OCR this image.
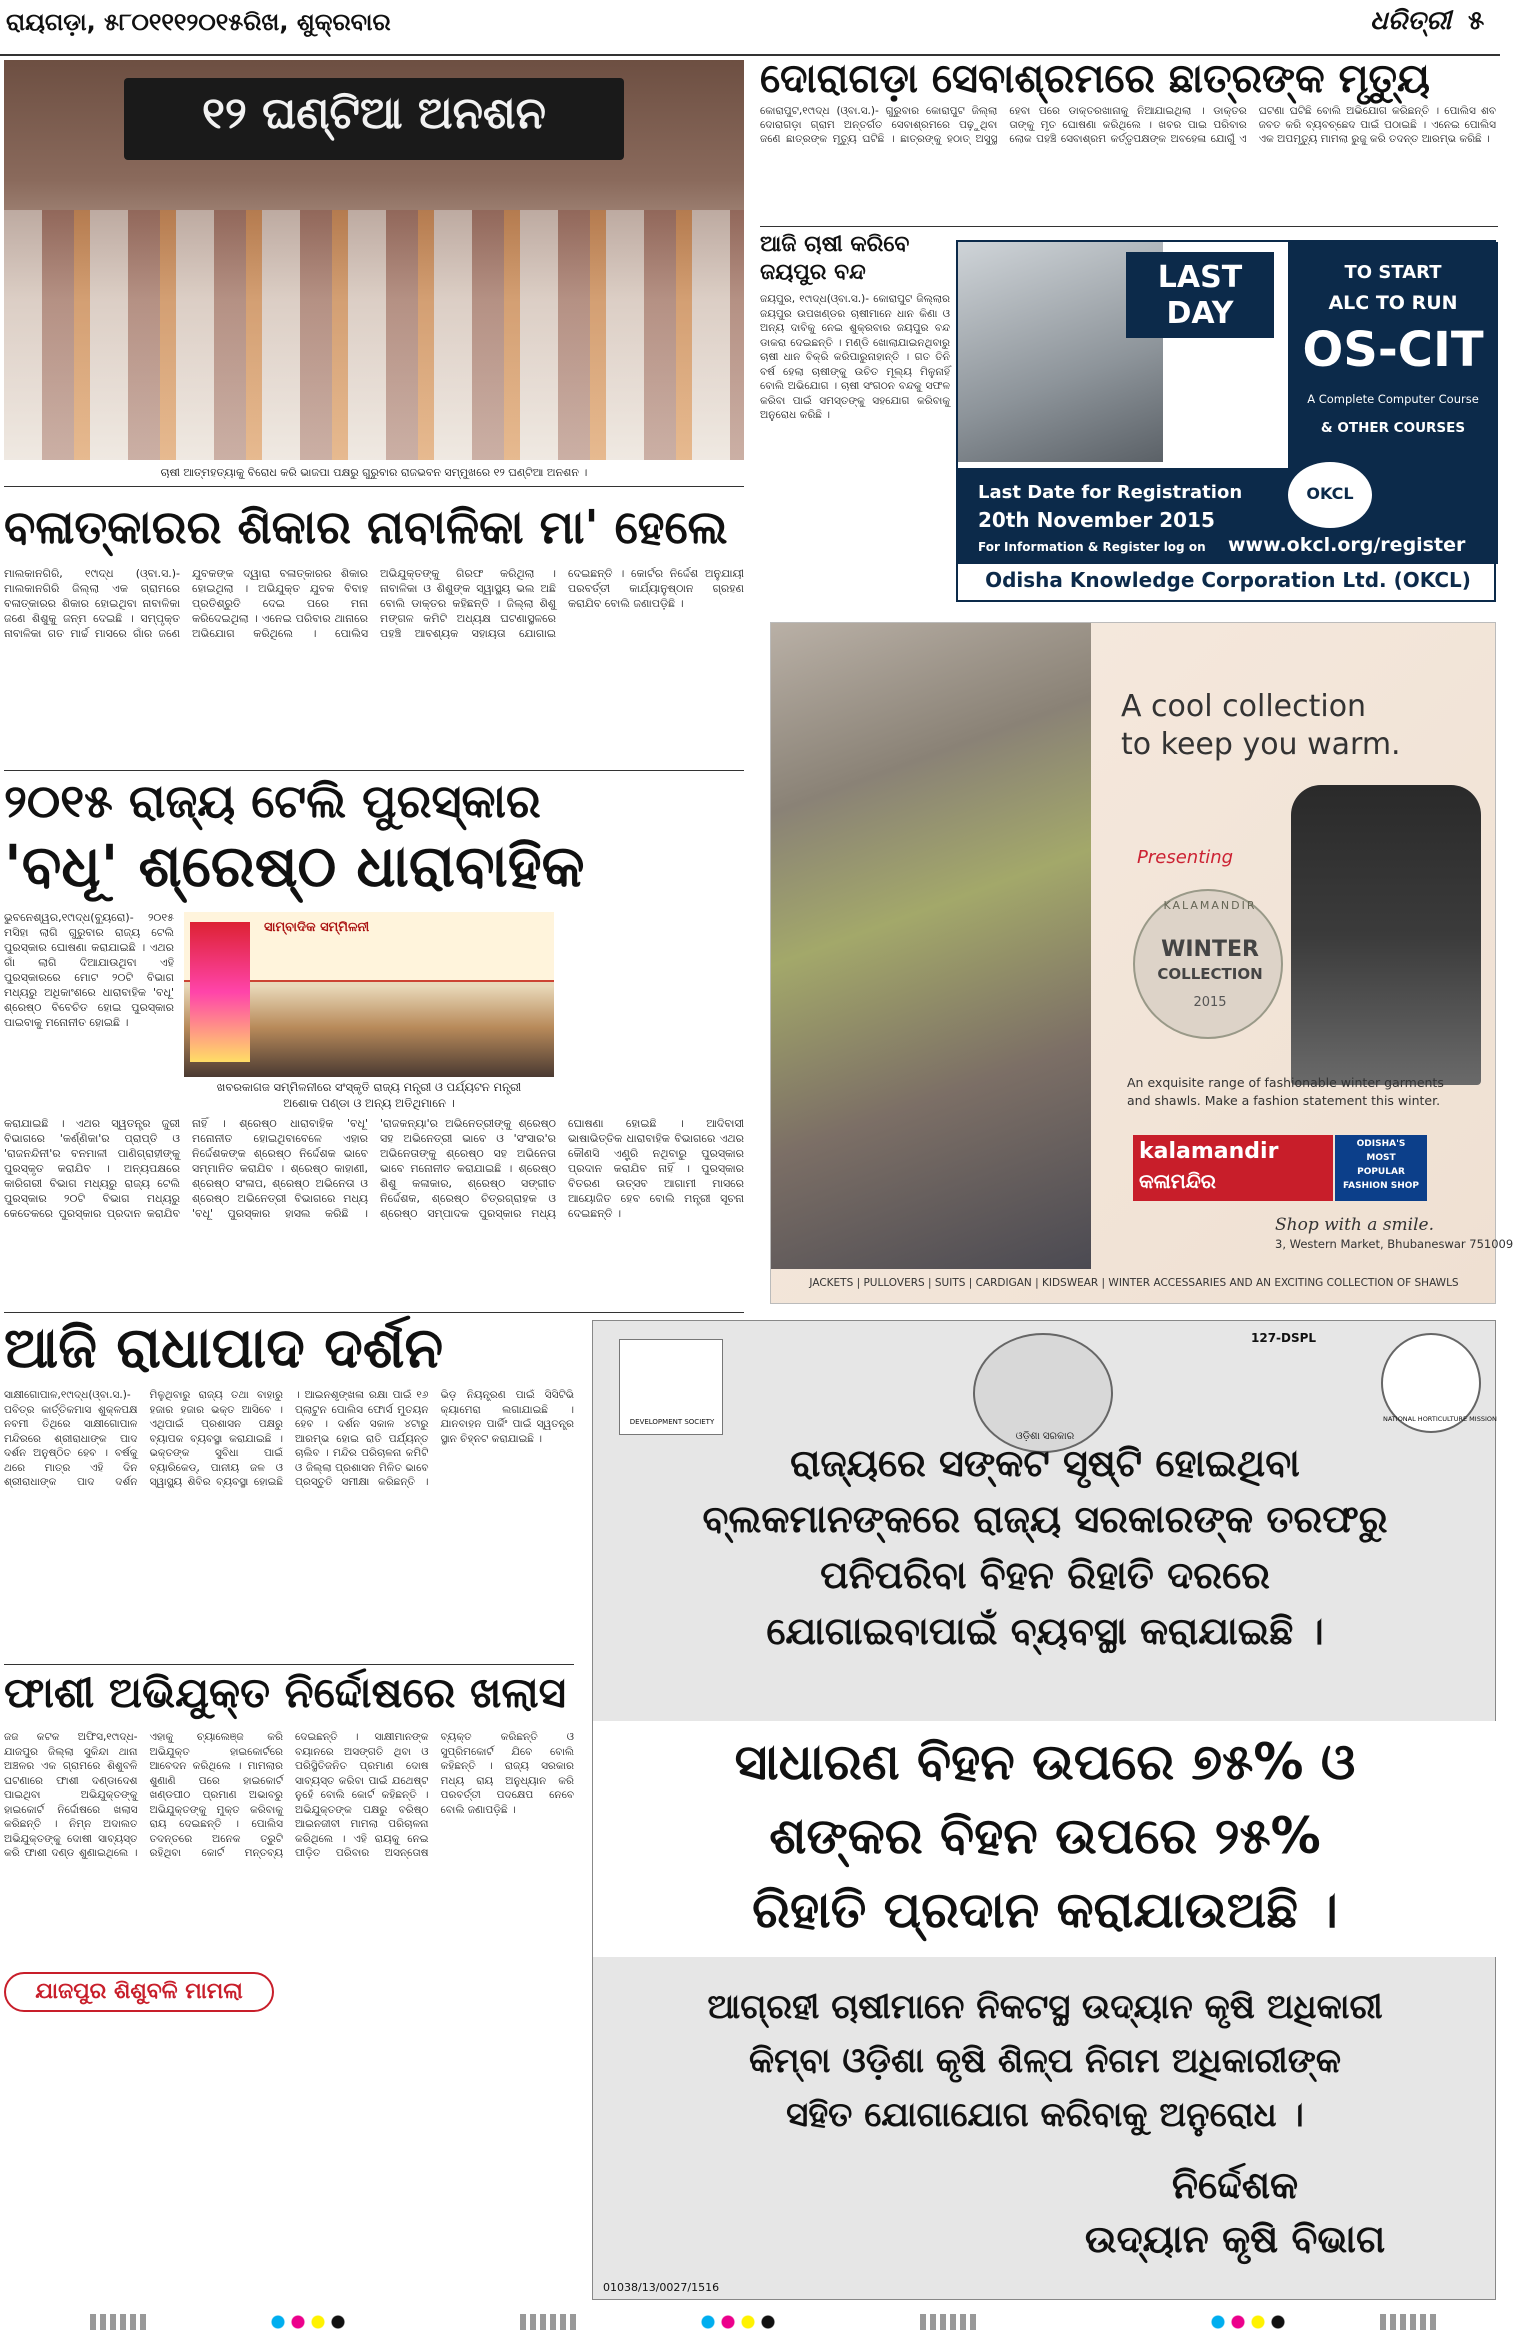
ରାୟଗଡ଼ା, ୫୮୦୧୧୧୨୦୧୫ରିଖ, ଶୁକ୍ରବାର	ଧରିତ୍ରୀ ୫
୧୨ ଘଣ୍ଟିଆ ଅନଶନ
ଚାଷୀ ଆତ୍ମହତ୍ୟାକୁ ବିରୋଧ କରି ଭାଜପା ପକ୍ଷରୁ ଗୁରୁବାର ରାଜଭବନ ସମ୍ମୁଖରେ ୧୨ ଘଣ୍ଟିଆ ଅନଶନ ।
ଦୋରାଗଡ଼ା ସେବାଶ୍ରମରେ ଛାତ୍ରଙ୍କ ମୃତ୍ୟୁ
କୋରାପୁଟ,୧୯ାଦ୍ଧ (ଓ୍ବା.ସ.)- ଗୁରୁବାର କୋରାପୁଟ ଜିଲ୍ଲା ଦୋରାଗଡ଼ା ଗ୍ରାମ ଅନ୍ତର୍ଗତ ସେବାଶ୍ରମରେ ପଢ଼ୁଥିବା ଜଣେ ଛାତ୍ରଙ୍କ ମୃତ୍ୟୁ ଘଟିଛି । ଛାତ୍ରଙ୍କୁ ହଠାତ୍ ଅସୁସ୍ଥ ହେବା ପରେ ଡାକ୍ତରଖାନାକୁ ନିଆଯାଇଥିଲା । ଡାକ୍ତର ତାଙ୍କୁ ମୃତ ଘୋଷଣା କରିଥିଲେ । ଖବର ପାଇ ପରିବାର ଲୋକ ପହଞ୍ଚି ସେବାଶ୍ରମ କର୍ତ୍ତୃପକ୍ଷଙ୍କ ଅବହେଳା ଯୋଗୁଁ ଏ ଘଟଣା ଘଟିଛି ବୋଲି ଅଭିଯୋଗ କରିଛନ୍ତି । ପୋଲିସ ଶବ ଜବତ କରି ବ୍ୟବଚ୍ଛେଦ ପାଇଁ ପଠାଇଛି । ଏନେଇ ପୋଲିସ ଏକ ଅପମୃତ୍ୟୁ ମାମଲା ରୁଜୁ କରି ତଦନ୍ତ ଆରମ୍ଭ କରିଛି ।
ଆଜି ଚାଷୀ କରିବେ
ଜୟପୁର ବନ୍ଦ
ଜୟପୁର, ୧୯ାଦ୍ଧ(ଓ୍ବା.ସ.)- କୋରାପୁଟ ଜିଲ୍ଲାର ଜୟପୁର ଉପଖଣ୍ଡର ଚାଷୀମାନେ ଧାନ କିଣା ଓ ଅନ୍ୟ ଦାବିକୁ ନେଇ ଶୁକ୍ରବାର ଜୟପୁର ବନ୍ଦ ଡାକରା ଦେଇଛନ୍ତି । ମଣ୍ଡି ଖୋଲାଯାଇନଥିବାରୁ ଚାଷୀ ଧାନ ବିକ୍ରି କରିପାରୁନାହାନ୍ତି । ଗତ ତିନି ବର୍ଷ ହେଲା ଚାଷୀଙ୍କୁ ଉଚିତ ମୂଲ୍ୟ ମିଳୁନାହିଁ ବୋଲି ଅଭିଯୋଗ । ଚାଷୀ ସଂଗଠନ ବନ୍ଦକୁ ସଫଳ କରିବା ପାଇଁ ସମସ୍ତଙ୍କୁ ସହଯୋଗ କରିବାକୁ ଅନୁରୋଧ କରିଛି ।
LAST DAY
TO START
ALC TO RUN
OS-CIT
A Complete Computer Course
& OTHER COURSES
Last Date for Registration
20th November 2015
For Information & Register log on www.okcl.org/register
OKCL
Odisha Knowledge Corporation Ltd. (OKCL)
ବଳାତ୍କାରର ଶିକାର ନାବାଳିକା ମା' ହେଲେ
ମାଲକାନଗିରି, ୧୯ାଦ୍ଧ (ଓ୍ବା.ସ.)- ମାଲକାନଗିରି ଜିଲ୍ଲା ଏକ ଗ୍ରାମରେ ବଳାତ୍କାରର ଶିକାର ହୋଇଥିବା ନାବାଳିକା ଜଣେ ଶିଶୁକୁ ଜନ୍ମ ଦେଇଛି । ସମ୍ପୃକ୍ତ ନାବାଳିକା ଗତ ମାର୍ଚ୍ଚ ମାସରେ ଗାଁର ଜଣେ ଯୁବକଙ୍କ ଦ୍ୱାରା ବଳାତ୍କାରର ଶିକାର ହୋଇଥିଲା । ଅଭିଯୁକ୍ତ ଯୁବକ ବିବାହ ପ୍ରତିଶ୍ରୁତି ଦେଇ ପରେ ମନା କରିଦେଇଥିଲା । ଏନେଇ ପରିବାର ଥାନାରେ ଅଭିଯୋଗ କରିଥିଲେ । ପୋଲିସ ଅଭିଯୁକ୍ତଙ୍କୁ ଗିରଫ କରିଥିଲା । ନାବାଳିକା ଓ ଶିଶୁଙ୍କ ସ୍ୱାସ୍ଥ୍ୟ ଭଲ ଅଛି ବୋଲି ଡାକ୍ତର କହିଛନ୍ତି । ଜିଲ୍ଲା ଶିଶୁ ମଙ୍ଗଳ କମିଟି ଅଧ୍ୟକ୍ଷ ଘଟଣାସ୍ଥଳରେ ପହଞ୍ଚି ଆବଶ୍ୟକ ସହାୟତା ଯୋଗାଇ ଦେଇଛନ୍ତି । କୋର୍ଟର ନିର୍ଦ୍ଦେଶ ଅନୁଯାୟୀ ପରବର୍ତ୍ତୀ କାର୍ଯ୍ୟାନୁଷ୍ଠାନ ଗ୍ରହଣ କରାଯିବ ବୋଲି ଜଣାପଡ଼ିଛି ।
୨୦୧୫ ରାଜ୍ୟ ଟେଲି ପୁରସ୍କାର
'ବଧୂ' ଶ୍ରେଷ୍ଠ ଧାରାବାହିକ
ଭୁବନେଶ୍ୱର,୧୯ାଦ୍ଧ(ବ୍ୟୁରୋ)- ୨୦୧୫ ମସିହା ଲାଗି ଗୁରୁବାର ରାଜ୍ୟ ଟେଲି ପୁରସ୍କାର ଘୋଷଣା କରାଯାଇଛି । ଏଥର ଗାଁ ଲାଗି ଦିଆଯାଉଥିବା ଏହି ପୁରସ୍କାରରେ ମୋଟ ୨୦ଟି ବିଭାଗ ମଧ୍ୟରୁ ଅଧିକାଂଶରେ ଧାରାବାହିକ 'ବଧୂ' ଶ୍ରେଷ୍ଠ ବିବେଚିତ ହୋଇ ପୁରସ୍କାର ପାଇବାକୁ ମନୋନୀତ ହୋଇଛି ।
ସାମ୍ବାଦିକ ସମ୍ମିଳନୀ
ଖବରକାଗଜ ସମ୍ମିଳନୀରେ ସଂସ୍କୃତି ରାଜ୍ୟ ମନ୍ତ୍ରୀ ଓ ପର୍ଯ୍ୟଟନ ମନ୍ତ୍ରୀ
ଅଶୋକ ପଣ୍ଡା ଓ ଅନ୍ୟ ଅତିଥିମାନେ ।
କରାଯାଇଛି । ଏଥର ସ୍ୱତନ୍ତ୍ର ଜୁରୀ ବିଭାଗରେ 'କର୍ଣ୍ଣିକା'ର ପ୍ରାପ୍ତି ଓ 'ରାଜନନ୍ଦିନୀ'ର ବନମାଳୀ ପାଣିଗ୍ରାହୀଙ୍କୁ ପୁରସ୍କୃତ କରାଯିବ । ଅନ୍ୟପକ୍ଷରେ କାରିଗରୀ ବିଭାଗ ମଧ୍ୟରୁ ରାଜ୍ୟ ଟେଲି ପୁରସ୍କାର ୨୦ଟି ବିଭାଗ ମଧ୍ୟରୁ କେତେକରେ ପୁରସ୍କାର ପ୍ରଦାନ କରାଯିବ ନାହିଁ । ଶ୍ରେଷ୍ଠ ଧାରାବାହିକ 'ବଧୂ' ମନୋନୀତ ହୋଇଥିବାବେଳେ ଏହାର ନିର୍ଦ୍ଦେଶକଙ୍କ ଶ୍ରେଷ୍ଠ ନିର୍ଦ୍ଦେଶକ ଭାବେ ସମ୍ମାନିତ କରାଯିବ । ଶ୍ରେଷ୍ଠ କାହାଣୀ, ଶ୍ରେଷ୍ଠ ସଂଳାପ, ଶ୍ରେଷ୍ଠ ଅଭିନେତା ଓ ଶ୍ରେଷ୍ଠ ଅଭିନେତ୍ରୀ ବିଭାଗରେ ମଧ୍ୟ 'ବଧୂ' ପୁରସ୍କାର ହାସଲ କରିଛି । 'ରାଜକନ୍ୟା'ର ଅଭିନେତ୍ରୀଙ୍କୁ ଶ୍ରେଷ୍ଠ ସହ ଅଭିନେତ୍ରୀ ଭାବେ ଓ 'ସଂସାର'ର ଅଭିନେତାଙ୍କୁ ଶ୍ରେଷ୍ଠ ସହ ଅଭିନେତା ଭାବେ ମନୋନୀତ କରାଯାଇଛି । ଶ୍ରେଷ୍ଠ ଶିଶୁ କଳାକାର, ଶ୍ରେଷ୍ଠ ସଙ୍ଗୀତ ନିର୍ଦ୍ଦେଶକ, ଶ୍ରେଷ୍ଠ ଚିତ୍ରଗ୍ରାହକ ଓ ଶ୍ରେଷ୍ଠ ସମ୍ପାଦକ ପୁରସ୍କାର ମଧ୍ୟ ଘୋଷଣା ହୋଇଛି । ଆଦିବାସୀ ଭାଷାଭିତ୍ତିକ ଧାରାବାହିକ ବିଭାଗରେ ଏଥର କୌଣସି ଏଣ୍ଟ୍ରି ନଥିବାରୁ ପୁରସ୍କାର ପ୍ରଦାନ କରାଯିବ ନାହିଁ । ପୁରସ୍କାର ବିତରଣ ଉତ୍ସବ ଆଗାମୀ ମାସରେ ଆୟୋଜିତ ହେବ ବୋଲି ମନ୍ତ୍ରୀ ସୂଚନା ଦେଇଛନ୍ତି ।
A cool collection
to keep you warm.
Presenting
KALAMANDIR
WINTER
COLLECTION
2015
An exquisite range of fashionable winter garments
and shawls. Make a fashion statement this winter.
kalamandir
କଳାମନ୍ଦିର
ODISHA'S
MOST
POPULAR
FASHION SHOP
Shop with a smile.
3, Western Market, Bhubaneswar 751009
JACKETS | PULLOVERS | SUITS | CARDIGAN | KIDSWEAR | WINTER ACCESSARIES AND AN EXCITING COLLECTION OF SHAWLS
ଆଜି ରାଧାପାଦ ଦର୍ଶନ
ସାକ୍ଷୀଗୋପାଳ,୧୯ାଦ୍ଧ(ଓ୍ବା.ସ.)- ପବିତ୍ର କାର୍ତ୍ତିକମାସ ଶୁକ୍ଳପକ୍ଷ ନବମୀ ତିଥିରେ ସାକ୍ଷୀଗୋପାଳ ମନ୍ଦିରରେ ଶ୍ରୀରାଧାଙ୍କ ପାଦ ଦର୍ଶନ ଅନୁଷ୍ଠିତ ହେବ । ବର୍ଷକୁ ଥରେ ମାତ୍ର ଏହି ଦିନ ଶ୍ରୀରାଧାଙ୍କ ପାଦ ଦର୍ଶନ ମିଳୁଥିବାରୁ ରାଜ୍ୟ ତଥା ବାହାରୁ ହଜାର ହଜାର ଭକ୍ତ ଆସିବେ । ଏଥିପାଇଁ ପ୍ରଶାସନ ପକ୍ଷରୁ ବ୍ୟାପକ ବ୍ୟବସ୍ଥା କରାଯାଇଛି । ଭକ୍ତଙ୍କ ସୁବିଧା ପାଇଁ ବ୍ୟାରିକେଡ୍, ପାନୀୟ ଜଳ ଓ ସ୍ୱାସ୍ଥ୍ୟ ଶିବିର ବ୍ୟବସ୍ଥା ହୋଇଛି । ଆଇନଶୃଙ୍ଖଳା ରକ୍ଷା ପାଇଁ ୧୬ ପ୍ଲାଟୁନ ପୋଲିସ ଫୋର୍ସ ମୁତୟନ ହେବ । ଦର୍ଶନ ସକାଳ ୪ଟାରୁ ଆରମ୍ଭ ହୋଇ ରାତି ପର୍ଯ୍ୟନ୍ତ ଚାଲିବ । ମନ୍ଦିର ପରିଚାଳନା କମିଟି ଓ ଜିଲ୍ଲା ପ୍ରଶାସନ ମିଳିତ ଭାବେ ପ୍ରସ୍ତୁତି ସମୀକ୍ଷା କରିଛନ୍ତି । ଭିଡ଼ ନିୟନ୍ତ୍ରଣ ପାଇଁ ସିସିଟିଭି କ୍ୟାମେରା ଲଗାଯାଇଛି । ଯାନବାହନ ପାର୍କିଂ ପାଇଁ ସ୍ୱତନ୍ତ୍ର ସ୍ଥାନ ଚିହ୍ନଟ କରାଯାଇଛି ।
ଫାଶୀ ଅଭିଯୁକ୍ତ ନିର୍ଦ୍ଦୋଷରେ ଖଲାସ
ଜଜ କଟକ ଅଫିସ,୧୯ାଦ୍ଧ- ଯାଜପୁର ଜିଲ୍ଲା ସୁକିନ୍ଦା ଥାନା ଅଞ୍ଚଳର ଏକ ଗ୍ରାମରେ ଶିଶୁବଳି ଘଟଣାରେ ଫାଶୀ ଦଣ୍ଡାଦେଶ ପାଇଥିବା ଅଭିଯୁକ୍ତଙ୍କୁ ହାଇକୋର୍ଟ ନିର୍ଦ୍ଦୋଷରେ ଖଲାସ କରିଛନ୍ତି । ନିମ୍ନ ଅଦାଲତ ଅଭିଯୁକ୍ତଙ୍କୁ ଦୋଷୀ ସାବ୍ୟସ୍ତ କରି ଫାଶୀ ଦଣ୍ଡ ଶୁଣାଇଥିଲେ । ଏହାକୁ ଚ୍ୟାଲେଞ୍ଜ କରି ଅଭିଯୁକ୍ତ ହାଇକୋର୍ଟରେ ଆବେଦନ କରିଥିଲେ । ମାମଲାର ଶୁଣାଣି ପରେ ହାଇକୋର୍ଟ ଖଣ୍ଡପୀଠ ପ୍ରମାଣ ଅଭାବରୁ ଅଭିଯୁକ୍ତଙ୍କୁ ମୁକ୍ତ କରିବାକୁ ରାୟ ଦେଇଛନ୍ତି । ପୋଲିସ ତଦନ୍ତରେ ଅନେକ ତ୍ରୁଟି ରହିଥିବା କୋର୍ଟ ମନ୍ତବ୍ୟ ଦେଇଛନ୍ତି । ସାକ୍ଷୀମାନଙ୍କ ବୟାନରେ ଅସଙ୍ଗତି ଥିବା ଓ ପରିସ୍ଥିତିଜନିତ ପ୍ରମାଣ ଦୋଷ ସାବ୍ୟସ୍ତ କରିବା ପାଇଁ ଯଥେଷ୍ଟ ନୁହେଁ ବୋଲି କୋର୍ଟ କହିଛନ୍ତି । ଅଭିଯୁକ୍ତଙ୍କ ପକ୍ଷରୁ ବରିଷ୍ଠ ଆଇନଜୀବୀ ମାମଲା ପରିଚାଳନା କରିଥିଲେ । ଏହି ରାୟକୁ ନେଇ ପୀଡ଼ିତ ପରିବାର ଅସନ୍ତୋଷ ବ୍ୟକ୍ତ କରିଛନ୍ତି ଓ ସୁପ୍ରିମକୋର୍ଟ ଯିବେ ବୋଲି କହିଛନ୍ତି । ରାଜ୍ୟ ସରକାର ମଧ୍ୟ ରାୟ ଅନୁଧ୍ୟାନ କରି ପରବର୍ତ୍ତୀ ପଦକ୍ଷେପ ନେବେ ବୋଲି ଜଣାପଡ଼ିଛି ।
ଯାଜପୁର ଶିଶୁବଳି ମାମଲା
127-DSPL
DEVELOPMENT SOCIETY
ଓଡ଼ିଶା ସରକାର
NATIONAL HORTICULTURE MISSION
ରାଜ୍ୟରେ ସଙ୍କଟ ସୃଷ୍ଟି ହୋଇଥିବା
ବ୍ଲକମାନଙ୍କରେ ରାଜ୍ୟ ସରକାରଙ୍କ ତରଫରୁ
ପନିପରିବା ବିହନ ରିହାତି ଦରରେ
ଯୋଗାଇବାପାଇଁ ବ୍ୟବସ୍ଥା କରାଯାଇଛି ।
ସାଧାରଣ ବିହନ ଉପରେ ୭୫% ଓ
ଶଙ୍କର ବିହନ ଉପରେ ୨୫%
ରିହାତି ପ୍ରଦାନ କରାଯାଉଅଛି ।
ଆଗ୍ରହୀ ଚାଷୀମାନେ ନିକଟସ୍ଥ ଉଦ୍ୟାନ କୃଷି ଅଧିକାରୀ
କିମ୍ବା ଓଡ଼ିଶା କୃଷି ଶିଳ୍ପ ନିଗମ ଅଧିକାରୀଙ୍କ
ସହିତ ଯୋଗାଯୋଗ କରିବାକୁ ଅନୁରୋଧ ।
ନିର୍ଦ୍ଦେଶକ
ଉଦ୍ୟାନ କୃଷି ବିଭାଗ
01038/13/0027/1516
